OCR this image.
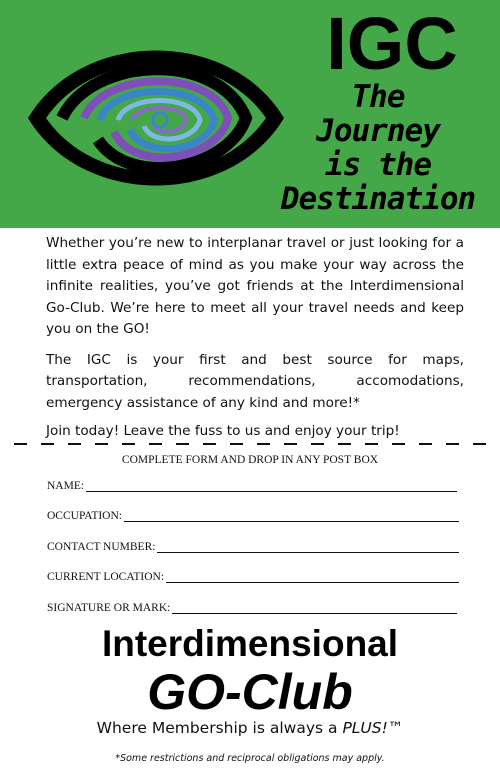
IGC
The
Journey
is the
Destination

Whether you’re new to interplanar travel or just looking for a little extra peace of mind as you make your way across the infinite realities, you’ve got friends at the Interdimensional Go-Club. We’re here to meet all your travel needs and keep you on the GO!

The IGC is your first and best source for maps, transportation, recommendations, accomodations, emergency assistance of any kind and more!*

Join today! Leave the fuss to us and enjoy your trip!
COMPLETE FORM AND DROP IN ANY POST BOX
NAME:
OCCUPATION:
CONTACT NUMBER:
CURRENT LOCATION:
SIGNATURE OR MARK:
Interdimensional
GO-Club
Where Membership is always a PLUS!™
*Some restrictions and reciprocal obligations may apply.
